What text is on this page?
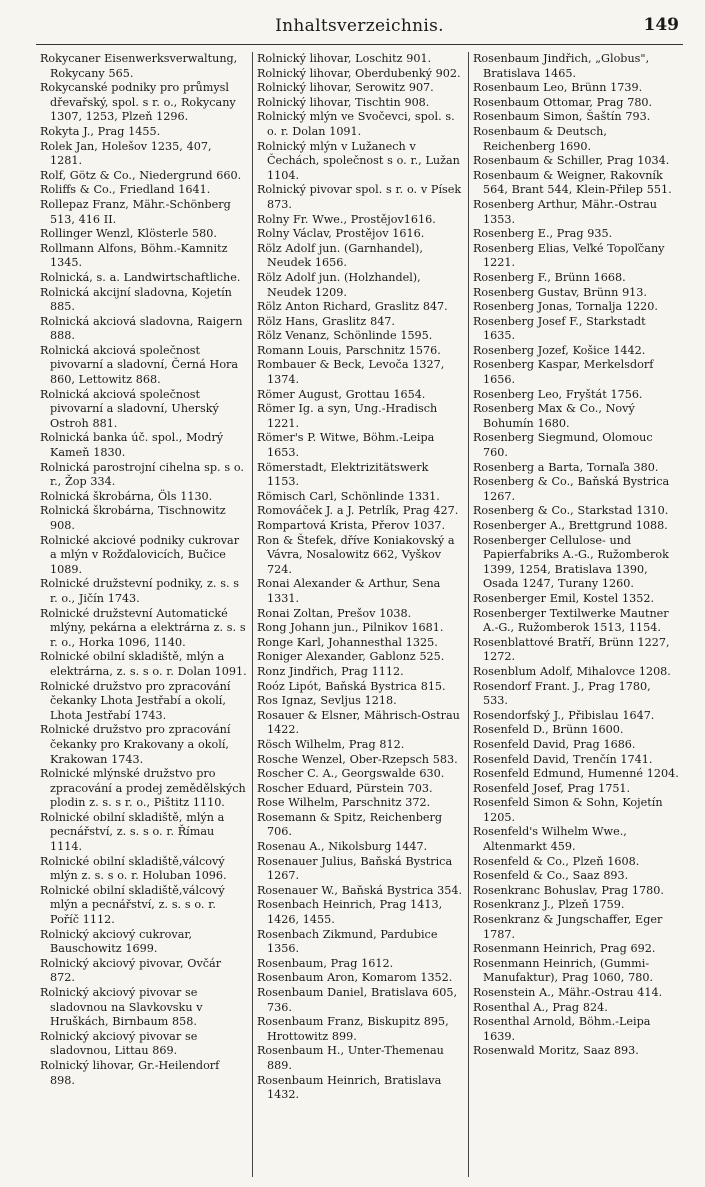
Inhaltsverzeichnis.	149
Rokycaner Eisenwerksverwaltung, Rokycany 565.
Rokycanské podniky pro průmysl dřevařský, spol. s r. o., Rokycany 1307, 1253, Plzeň 1296.
Rokyta J., Prag 1455.
Rolek Jan, Holešov 1235, 407, 1281.
Rolf, Götz & Co., Niedergrund 660.
Roliffs & Co., Friedland 1641.
Rollepaz Franz, Mähr.-Schönberg 513, 416 II.
Rollinger Wenzl, Klösterle 580.
Rollmann Alfons, Böhm.-Kamnitz 1345.
Rolnická, s. a. Landwirtschaftliche.
Rolnická akcijní sladovna, Kojetín 885.
Rolnická akciová sladovna, Raigern 888.
Rolnická akciová společnost pivovarní a sladovní, Černá Hora 860, Lettowitz 868.
Rolnická akciová společnost pivovarní a sladovní, Uherský Ostroh 881.
Rolnická banka úč. spol., Modrý Kameň 1830.
Rolnická parostrojní cihelna sp. s o. r., Žop 334.
Rolnická škrobárna, Öls 1130.
Rolnická škrobárna, Tischnowitz 908.
Rolnické akciové podniky cukrovar a mlýn v Rožďalovicích, Bučice 1089.
Rolnické družstevní podniky, z. s. s r. o., Jičín 1743.
Rolnické družstevní Automatické mlýny, pekárna a elektrárna z. s. s r. o., Horka 1096, 1140.
Rolnické obilní skladiště, mlýn a elektrárna, z. s. s o. r. Dolan 1091.
Rolnické družstvo pro zpracování čekanky Lhota Jestřabí a okolí, Lhota Jestřabí 1743.
Rolnické družstvo pro zpracování čekanky pro Krakovany a okolí, Krakowan 1743.
Rolnické mlýnské družstvo pro zpracování a prodej zemědělských plodin z. s. s r. o., Pištitz 1110.
Rolnické obilní skladiště, mlýn a pecnářství, z. s. s o. r. Římau 1114.
Rolnické obilní skladiště,válcový mlýn z. s. s o. r. Holuban 1096.
Rolnické obilní skladiště,válcový mlýn a pecnářství, z. s. s o. r. Poříč 1112.
Rolnický akciový cukrovar, Bauschowitz 1699.
Rolnický akciový pivovar, Ovčár 872.
Rolnický akciový pivovar se sladovnou na Slavkovsku v Hruškách, Birnbaum 858.
Rolnický akciový pivovar se sladovnou, Littau 869.
Rolnický lihovar, Gr.-Heilendorf 898.
Rolnický lihovar, Loschitz 901.
Rolnický lihovar, Oberdubenký 902.
Rolnický lihovar, Serowitz 907.
Rolnický lihovar, Tischtin 908.
Rolnický mlýn ve Svočevci, spol. s. o. r. Dolan 1091.
Rolnický mlýn v Lužanech v Čechách, společnost s o. r., Lužan 1104.
Rolnický pivovar spol. s r. o. v Písek 873.
Rolny Fr. Wwe., Prostějov1616.
Rolny Václav, Prostějov 1616.
Rölz Adolf jun. (Garnhandel), Neudek 1656.
Rölz Adolf jun. (Holzhandel), Neudek 1209.
Rölz Anton Richard, Graslitz 847.
Rölz Hans, Graslitz 847.
Rölz Venanz, Schönlinde 1595.
Romann Louis, Parschnitz 1576.
Rombauer & Beck, Levoča 1327, 1374.
Römer August, Grottau 1654.
Römer Ig. a syn, Ung.-Hradisch 1221.
Römer's P. Witwe, Böhm.-Leipa 1653.
Römerstadt, Elektrizitätswerk 1153.
Römisch Carl, Schönlinde 1331.
Romováček J. a J. Petrlík, Prag 427.
Rompartová Krista, Přerov 1037.
Ron & Štefek, dříve Koniakovský a Vávra, Nosalowitz 662, Vyškov 724.
Ronai Alexander & Arthur, Sena 1331.
Ronai Zoltan, Prešov 1038.
Rong Johann jun., Pilnikov 1681.
Ronge Karl, Johannesthal 1325.
Roniger Alexander, Gablonz 525.
Ronz Jindřich, Prag 1112.
Roóz Lipót, Baňská Bystrica 815.
Ros Ignaz, Sevljus 1218.
Rosauer & Elsner, Mährisch-Ostrau 1422.
Rösch Wilhelm, Prag 812.
Rosche Wenzel, Ober-Rzepsch 583.
Roscher C. A., Georgswalde 630.
Roscher Eduard, Pürstein 703.
Rose Wilhelm, Parschnitz 372.
Rosemann & Spitz, Reichenberg 706.
Rosenau A., Nikolsburg 1447.
Rosenauer Julius, Baňská Bystrica 1267.
Rosenauer W., Baňská Bystrica 354.
Rosenbach Heinrich, Prag 1413, 1426, 1455.
Rosenbach Zikmund, Pardubice 1356.
Rosenbaum, Prag 1612.
Rosenbaum Aron, Komarom 1352.
Rosenbaum Daniel, Bratislava 605, 736.
Rosenbaum Franz, Biskupitz 895, Hrottowitz 899.
Rosenbaum H., Unter-Themenau 889.
Rosenbaum Heinrich, Bratislava 1432.
Rosenbaum Jindřich, „Globus", Bratislava 1465.
Rosenbaum Leo, Brünn 1739.
Rosenbaum Ottomar, Prag 780.
Rosenbaum Simon, Šaštín 793.
Rosenbaum & Deutsch, Reichenberg 1690.
Rosenbaum & Schiller, Prag 1034.
Rosenbaum & Weigner, Rakovník 564, Brant 544, Klein-Přilep 551.
Rosenberg Arthur, Mähr.-Ostrau 1353.
Rosenberg E., Prag 935.
Rosenberg Elias, Veľké Topoľčany 1221.
Rosenberg F., Brünn 1668.
Rosenberg Gustav, Brünn 913.
Rosenberg Jonas, Tornalja 1220.
Rosenberg Josef F., Starkstadt 1635.
Rosenberg Jozef, Košice 1442.
Rosenberg Kaspar, Merkelsdorf 1656.
Rosenberg Leo, Fryštát 1756.
Rosenberg Max & Co., Nový Bohumín 1680.
Rosenberg Siegmund, Olomouc 760.
Rosenberg a Barta, Tornaľa 380.
Rosenberg & Co., Baňská Bystrica 1267.
Rosenberg & Co., Starkstad 1310.
Rosenberger A., Brettgrund 1088.
Rosenberger Cellulose- und Papierfabriks A.-G., Ružomberok 1399, 1254, Bratislava 1390, Osada 1247, Turany 1260.
Rosenberger Emil, Kostel 1352.
Rosenberger Textilwerke Mautner A.-G., Ružomberok 1513, 1154.
Rosenblattové Bratří, Brünn 1227, 1272.
Rosenblum Adolf, Mihalovce 1208.
Rosendorf Frant. J., Prag 1780, 533.
Rosendorfský J., Přibislau 1647.
Rosenfeld D., Brünn 1600.
Rosenfeld David, Prag 1686.
Rosenfeld David, Trenčín 1741.
Rosenfeld Edmund, Humenné 1204.
Rosenfeld Josef, Prag 1751.
Rosenfeld Simon & Sohn, Kojetín 1205.
Rosenfeld's Wilhelm Wwe., Altenmarkt 459.
Rosenfeld & Co., Plzeň 1608.
Rosenfeld & Co., Saaz 893.
Rosenkranc Bohuslav, Prag 1780.
Rosenkranz J., Plzeň 1759.
Rosenkranz & Jungschaffer, Eger 1787.
Rosenmann Heinrich, Prag 692.
Rosenmann Heinrich, (Gummi-Manufaktur), Prag 1060, 780.
Rosenstein A., Mähr.-Ostrau 414.
Rosenthal A., Prag 824.
Rosenthal Arnold, Böhm.-Leipa 1639.
Rosenwald Moritz, Saaz 893.
